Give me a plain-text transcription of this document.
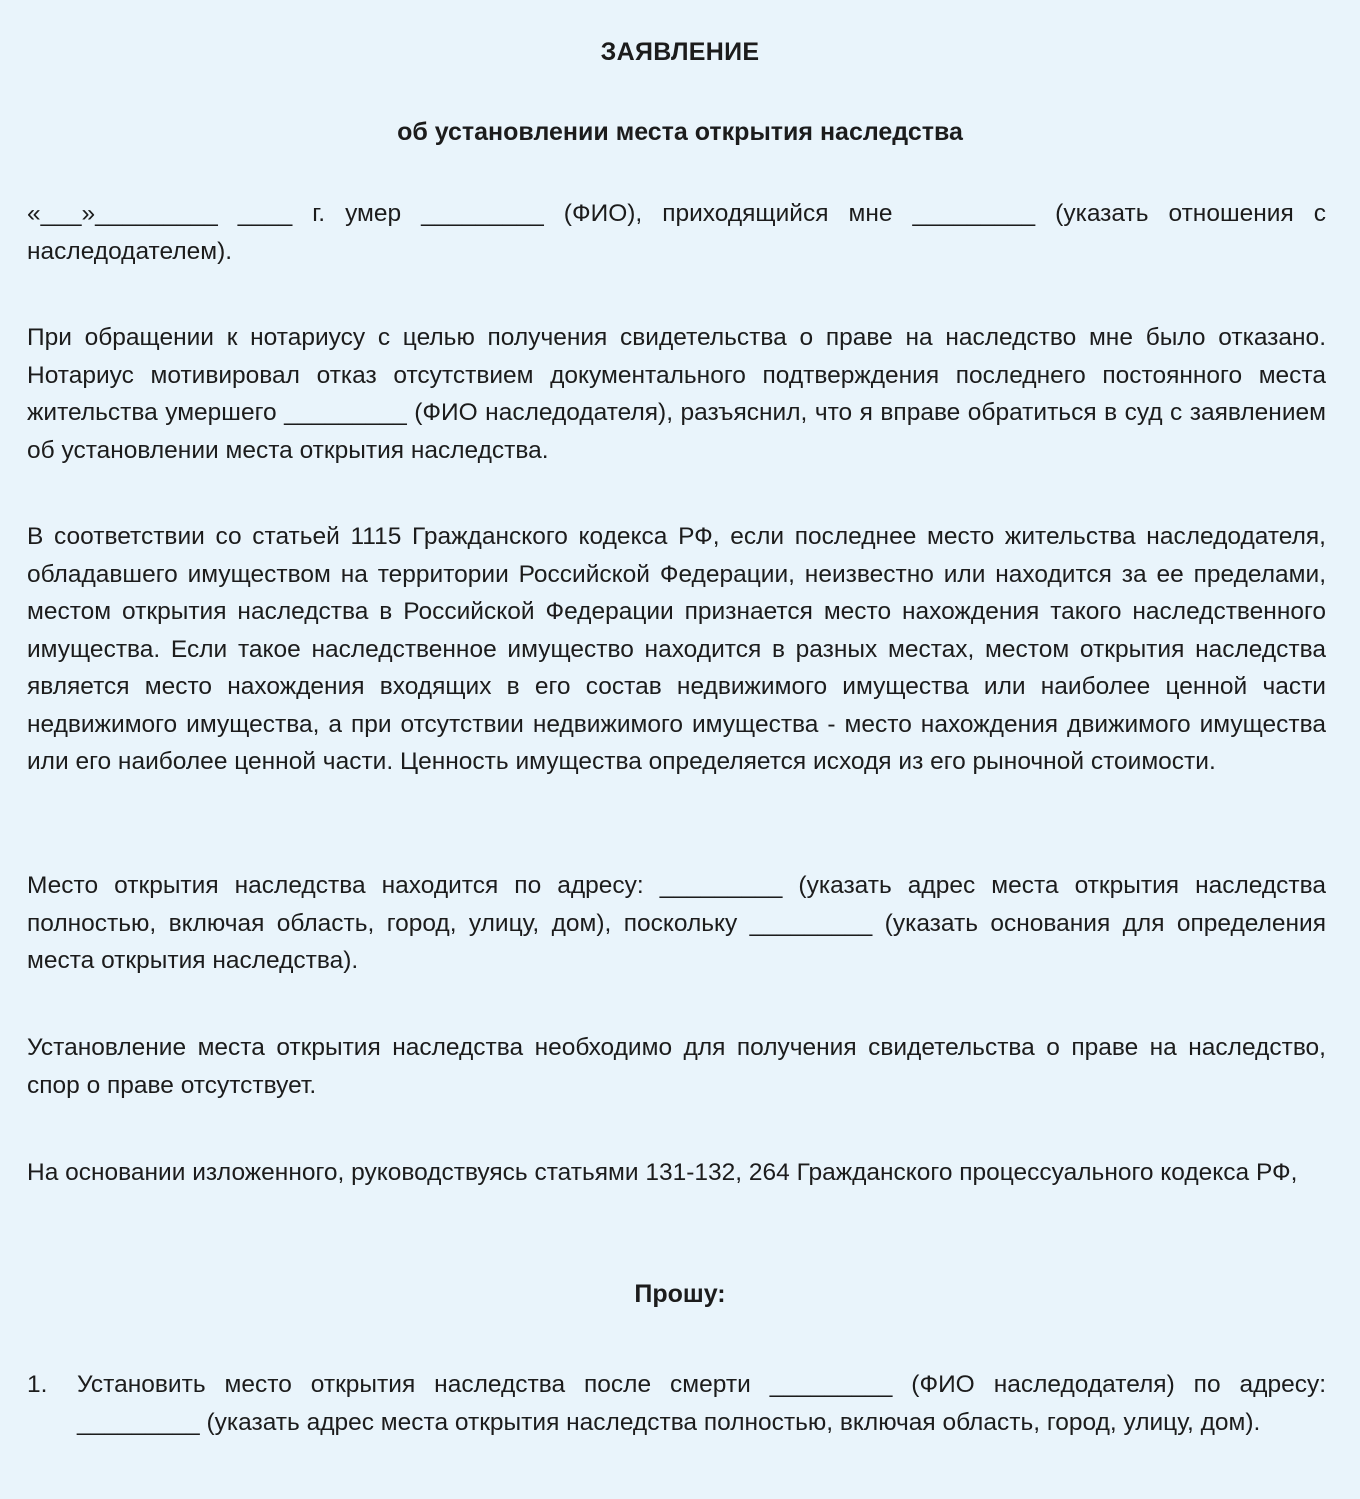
ЗАЯВЛЕНИЕ
об установлении места открытия наследства
«___»_________ ____ г. умер _________ (ФИО), приходящийся мне _________ (указать отношения с наследодателем).
При обращении к нотариусу с целью получения свидетельства о праве на наследство мне было отказано. Нотариус мотивировал отказ отсутствием документального подтверждения последнего постоянного места жительства умершего _________ (ФИО наследодателя), разъяснил, что я вправе обратиться в суд с заявлением об установлении места открытия наследства.
В соответствии со статьей 1115 Гражданского кодекса РФ, если последнее место жительства наследодателя, обладавшего имуществом на территории Российской Федерации, неизвестно или находится за ее пределами, местом открытия наследства в Российской Федерации признается место нахождения такого наследственного имущества. Если такое наследственное имущество находится в разных местах, местом открытия наследства является место нахождения входящих в его состав недвижимого имущества или наиболее ценной части недвижимого имущества, а при отсутствии недвижимого имущества - место нахождения движимого имущества или его наиболее ценной части. Ценность имущества определяется исходя из его рыночной стоимости.
Место открытия наследства находится по адресу: _________ (указать адрес места открытия наследства полностью, включая область, город, улицу, дом), поскольку _________ (указать основания для определения места открытия наследства).
Установление места открытия наследства необходимо для получения свидетельства о праве на наследство, спор о праве отсутствует.
На основании изложенного, руководствуясь статьями 131-132, 264 Гражданского процессуального кодекса РФ,
Прошу:
1. Установить место открытия наследства после смерти _________ (ФИО наследодателя) по адресу: _________ (указать адрес места открытия наследства полностью, включая область, город, улицу, дом).
